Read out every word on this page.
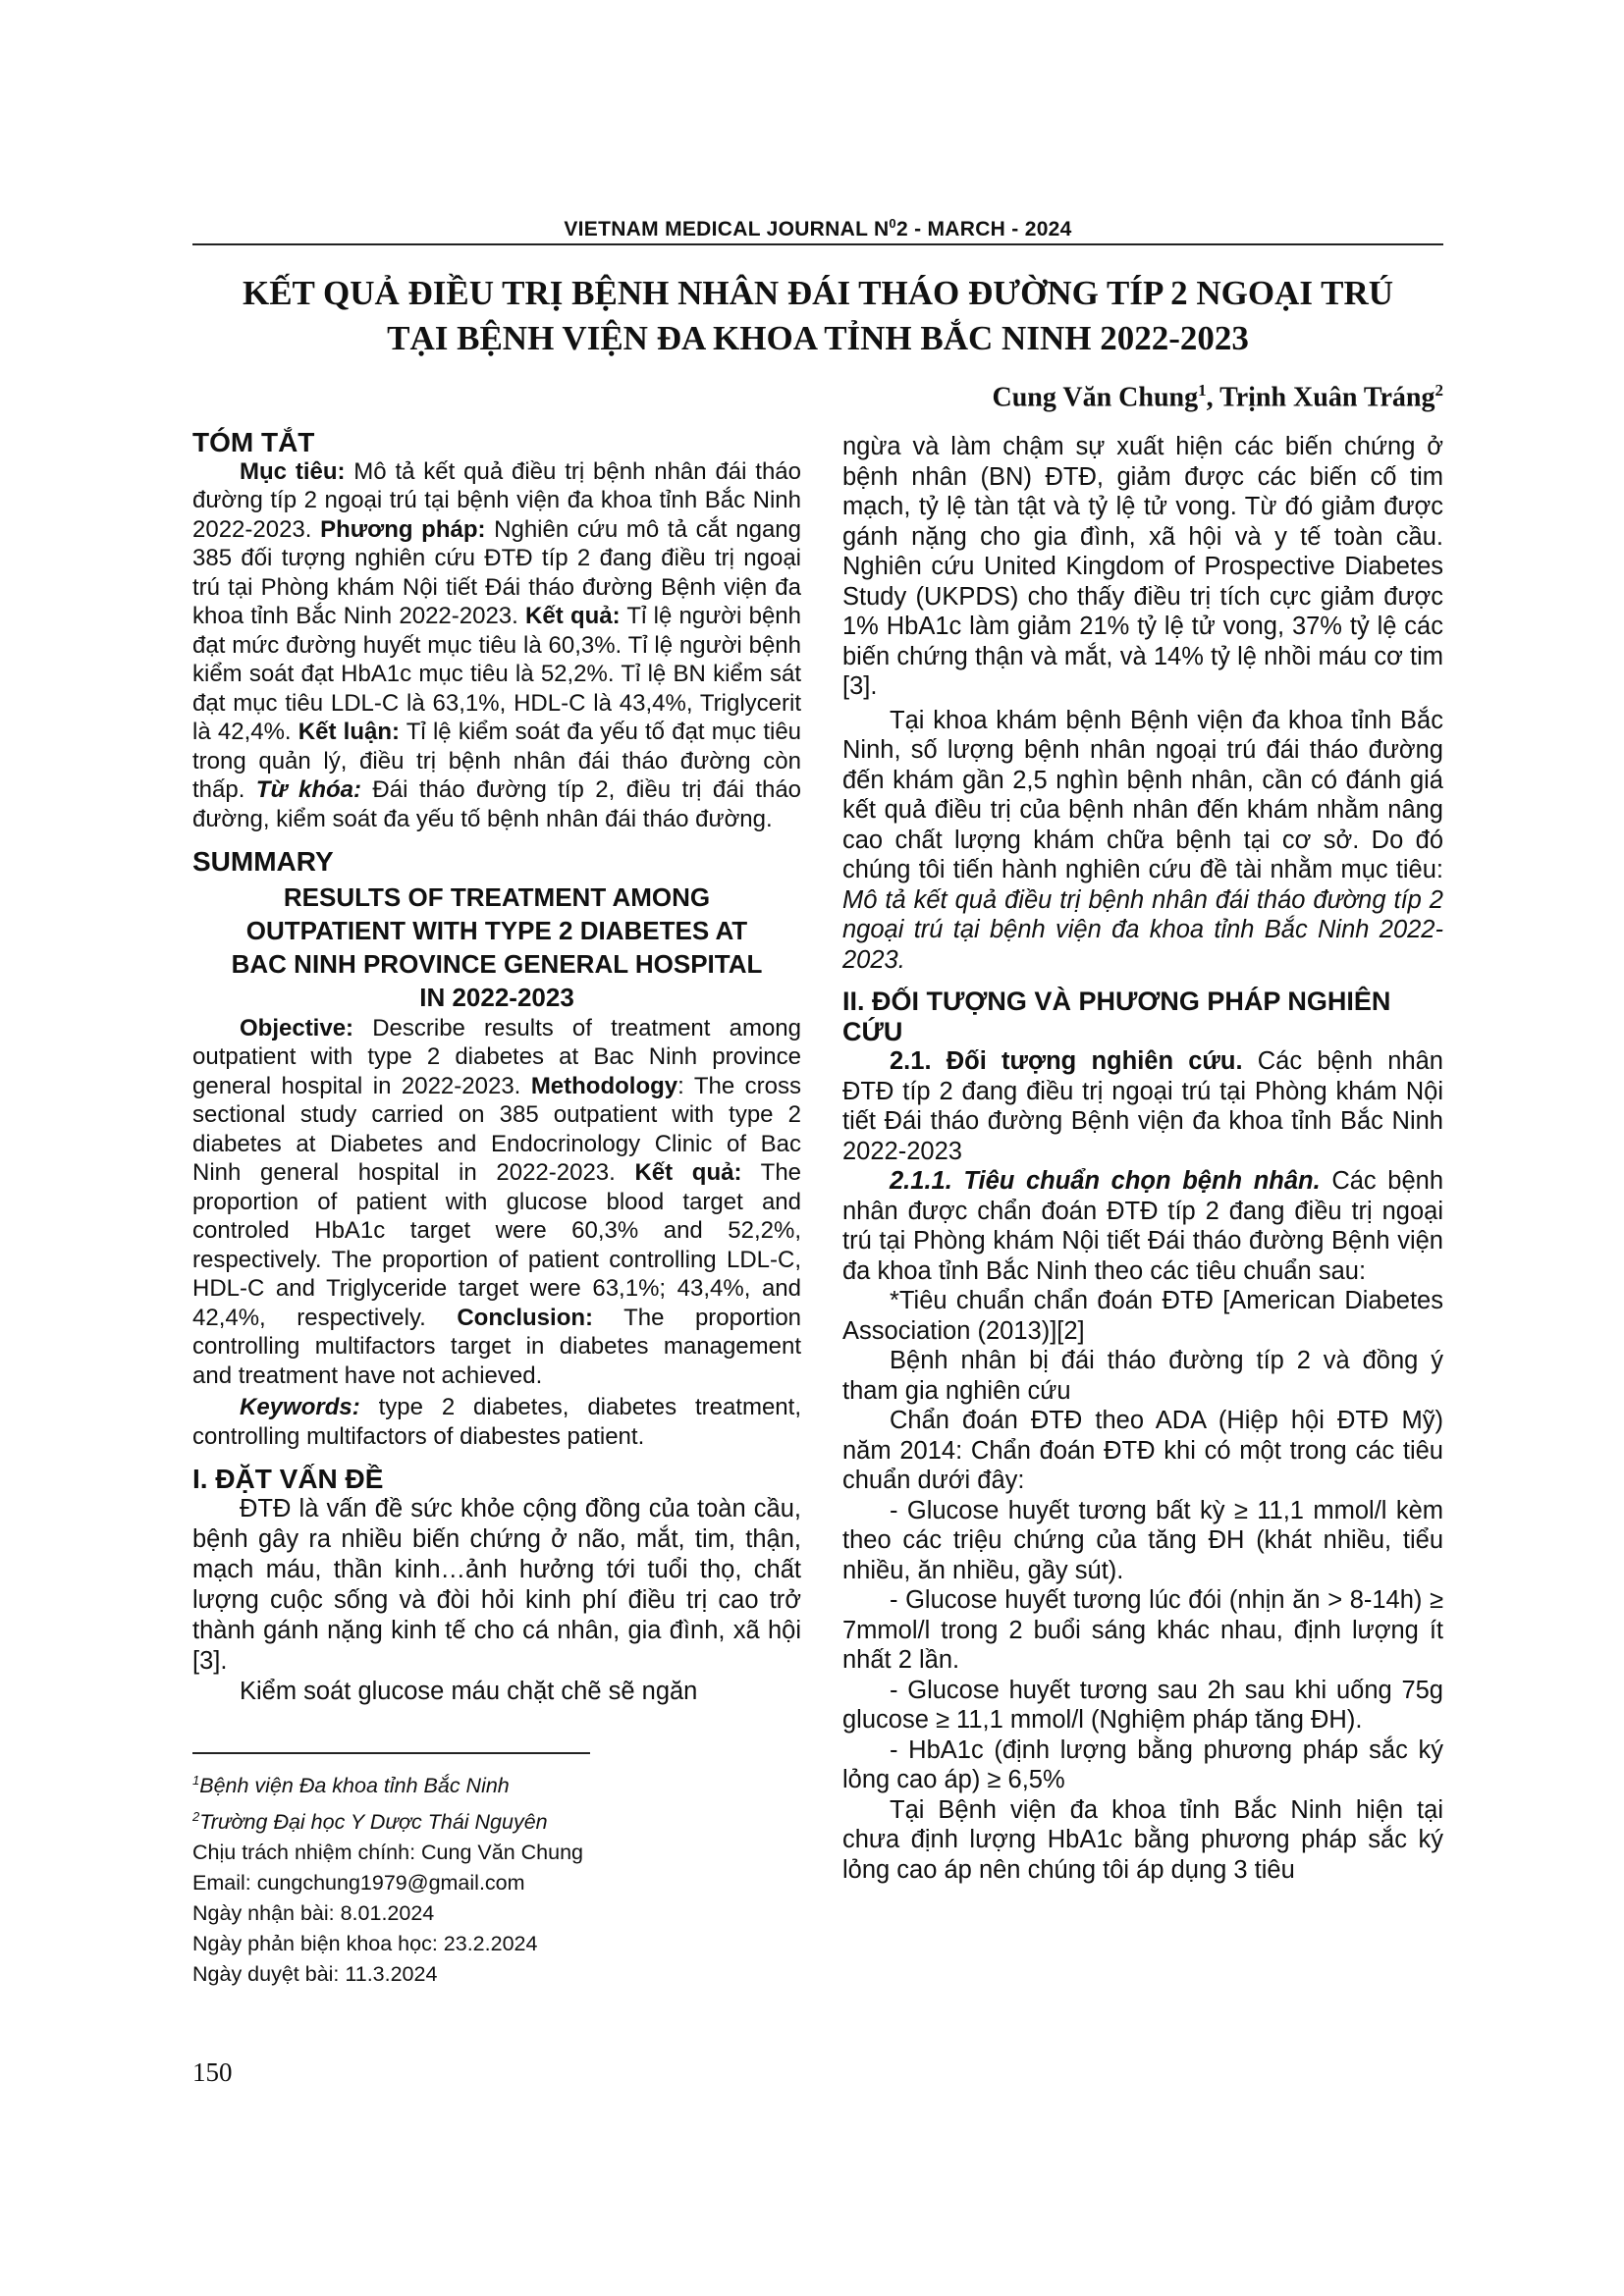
VIETNAM MEDICAL JOURNAL $N^02$ - MARCH - 2024
KẾT QUẢ ĐIỀU TRỊ BỆNH NHÂN ĐÁI THÁO ĐƯỜNG TÍP 2 NGOẠI TRÚ
TẠI BỆNH VIỆN ĐA KHOA TỈNH BẮC NINH 2022-2023
Cung Văn Chung$^1$, Trịnh Xuân Tráng$^2$
TÓM TẮT
Mục tiêu: Mô tả kết quả điều trị bệnh nhân đái tháo đường típ 2 ngoại trú tại bệnh viện đa khoa tỉnh Bắc Ninh 2022-2023. Phương pháp: Nghiên cứu mô tả cắt ngang 385 đối tượng nghiên cứu ĐTĐ típ 2 đang điều trị ngoại trú tại Phòng khám Nội tiết Đái tháo đường Bệnh viện đa khoa tỉnh Bắc Ninh 2022-2023. Kết quả: Tỉ lệ người bệnh đạt mức đường huyết mục tiêu là 60,3%. Tỉ lệ người bệnh kiểm soát đạt HbA1c mục tiêu là 52,2%. Tỉ lệ BN kiểm sát đạt mục tiêu LDL-C là 63,1%, HDL-C là 43,4%, Triglycerit là 42,4%. Kết luận: Tỉ lệ kiểm soát đa yếu tố đạt mục tiêu trong quản lý, điều trị bệnh nhân đái tháo đường còn thấp. Từ khóa: Đái tháo đường típ 2, điều trị đái tháo đường, kiểm soát đa yếu tố bệnh nhân đái tháo đường.
SUMMARY
RESULTS OF TREATMENT AMONG
OUTPATIENT WITH TYPE 2 DIABETES AT
BAC NINH PROVINCE GENERAL HOSPITAL
IN 2022-2023
Objective: Describe results of treatment among outpatient with type 2 diabetes at Bac Ninh province general hospital in 2022-2023. Methodology: The cross sectional study carried on 385 outpatient with type 2 diabetes at Diabetes and Endocrinology Clinic of Bac Ninh general hospital in 2022-2023. Kết quả: The proportion of patient with glucose blood target and controled HbA1c target were 60,3% and 52,2%, respectively. The proportion of patient controlling LDL-C, HDL-C and Triglyceride target were 63,1%; 43,4%, and 42,4%, respectively. Conclusion: The proportion controlling multifactors target in diabetes management and treatment have not achieved.
Keywords: type 2 diabetes, diabetes treatment, controlling multifactors of diabestes patient.
I. ĐẶT VẤN ĐỀ
ĐTĐ là vấn đề sức khỏe cộng đồng của toàn cầu, bệnh gây ra nhiều biến chứng ở não, mắt, tim, thận, mạch máu, thần kinh…ảnh hưởng tới tuổi thọ, chất lượng cuộc sống và đòi hỏi kinh phí điều trị cao trở thành gánh nặng kinh tế cho cá nhân, gia đình, xã hội [3].
Kiểm soát glucose máu chặt chẽ sẽ ngăn
ngừa và làm chậm sự xuất hiện các biến chứng ở bệnh nhân (BN) ĐTĐ, giảm được các biến cố tim mạch, tỷ lệ tàn tật và tỷ lệ tử vong. Từ đó giảm được gánh nặng cho gia đình, xã hội và y tế toàn cầu. Nghiên cứu United Kingdom of Prospective Diabetes Study (UKPDS) cho thấy điều trị tích cực giảm được 1% HbA1c làm giảm 21% tỷ lệ tử vong, 37% tỷ lệ các biến chứng thận và mắt, và 14% tỷ lệ nhồi máu cơ tim [3].
Tại khoa khám bệnh Bệnh viện đa khoa tỉnh Bắc Ninh, số lượng bệnh nhân ngoại trú đái tháo đường đến khám gần 2,5 nghìn bệnh nhân, cần có đánh giá kết quả điều trị của bệnh nhân đến khám nhằm nâng cao chất lượng khám chữa bệnh tại cơ sở. Do đó chúng tôi tiến hành nghiên cứu đề tài nhằm mục tiêu: Mô tả kết quả điều trị bệnh nhân đái tháo đường típ 2 ngoại trú tại bệnh viện đa khoa tỉnh Bắc Ninh 2022-2023.
II. ĐỐI TƯỢNG VÀ PHƯƠNG PHÁP NGHIÊN CỨU
2.1. Đối tượng nghiên cứu. Các bệnh nhân ĐTĐ típ 2 đang điều trị ngoại trú tại Phòng khám Nội tiết Đái tháo đường Bệnh viện đa khoa tỉnh Bắc Ninh 2022-2023
2.1.1. Tiêu chuẩn chọn bệnh nhân. Các bệnh nhân được chẩn đoán ĐTĐ típ 2 đang điều trị ngoại trú tại Phòng khám Nội tiết Đái tháo đường Bệnh viện đa khoa tỉnh Bắc Ninh theo các tiêu chuẩn sau:
*Tiêu chuẩn chẩn đoán ĐTĐ [American Diabetes Association (2013)][2]
Bệnh nhân bị đái tháo đường típ 2 và đồng ý tham gia nghiên cứu
Chẩn đoán ĐTĐ theo ADA (Hiệp hội ĐTĐ Mỹ) năm 2014: Chẩn đoán ĐTĐ khi có một trong các tiêu chuẩn dưới đây:
- Glucose huyết tương bất kỳ ≥ 11,1 mmol/l kèm theo các triệu chứng của tăng ĐH (khát nhiều, tiểu nhiều, ăn nhiều, gầy sút).
- Glucose huyết tương lúc đói (nhịn ăn > 8-14h) ≥ 7mmol/l trong 2 buổi sáng khác nhau, định lượng ít nhất 2 lần.
- Glucose huyết tương sau 2h sau khi uống 75g glucose ≥ 11,1 mmol/l (Nghiệm pháp tăng ĐH).
- HbA1c (định lượng bằng phương pháp sắc ký lỏng cao áp) ≥ 6,5%
Tại Bệnh viện đa khoa tỉnh Bắc Ninh hiện tại chưa định lượng HbA1c bằng phương pháp sắc ký lỏng cao áp nên chúng tôi áp dụng 3 tiêu
$^1$Bệnh viện Đa khoa tỉnh Bắc Ninh
$^2$Trường Đại học Y Dược Thái Nguyên
Chịu trách nhiệm chính: Cung Văn Chung
Email: cungchung1979@gmail.com
Ngày nhận bài: 8.01.2024
Ngày phản biện khoa học: 23.2.2024
Ngày duyệt bài: 11.3.2024
150
